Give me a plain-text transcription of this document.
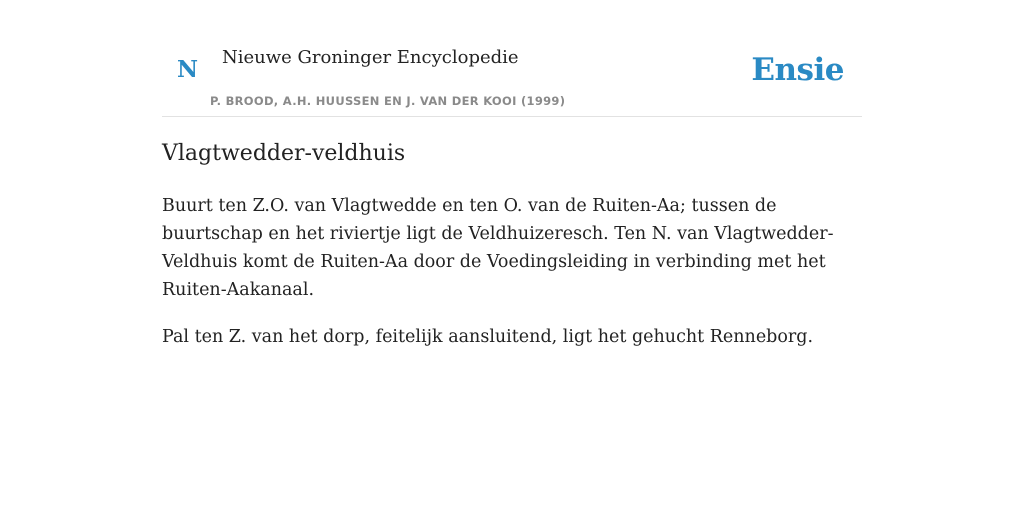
N Nieuwe Groninger Encyclopedie
P. BROOD, A.H. HUUSSEN EN J. VAN DER KOOI (1999)
Ensie
Vlagtwedder-veldhuis

Buurt ten Z.O. van Vlagtwedde en ten O. van de Ruiten-Aa; tussen de buurtschap en het riviertje ligt de Veldhuizeresch. Ten N. van Vlagtwedder-Veldhuis komt de Ruiten-Aa door de Voedingsleiding in verbinding met het Ruiten-Aakanaal.

Pal ten Z. van het dorp, feitelijk aansluitend, ligt het gehucht Renneborg.
